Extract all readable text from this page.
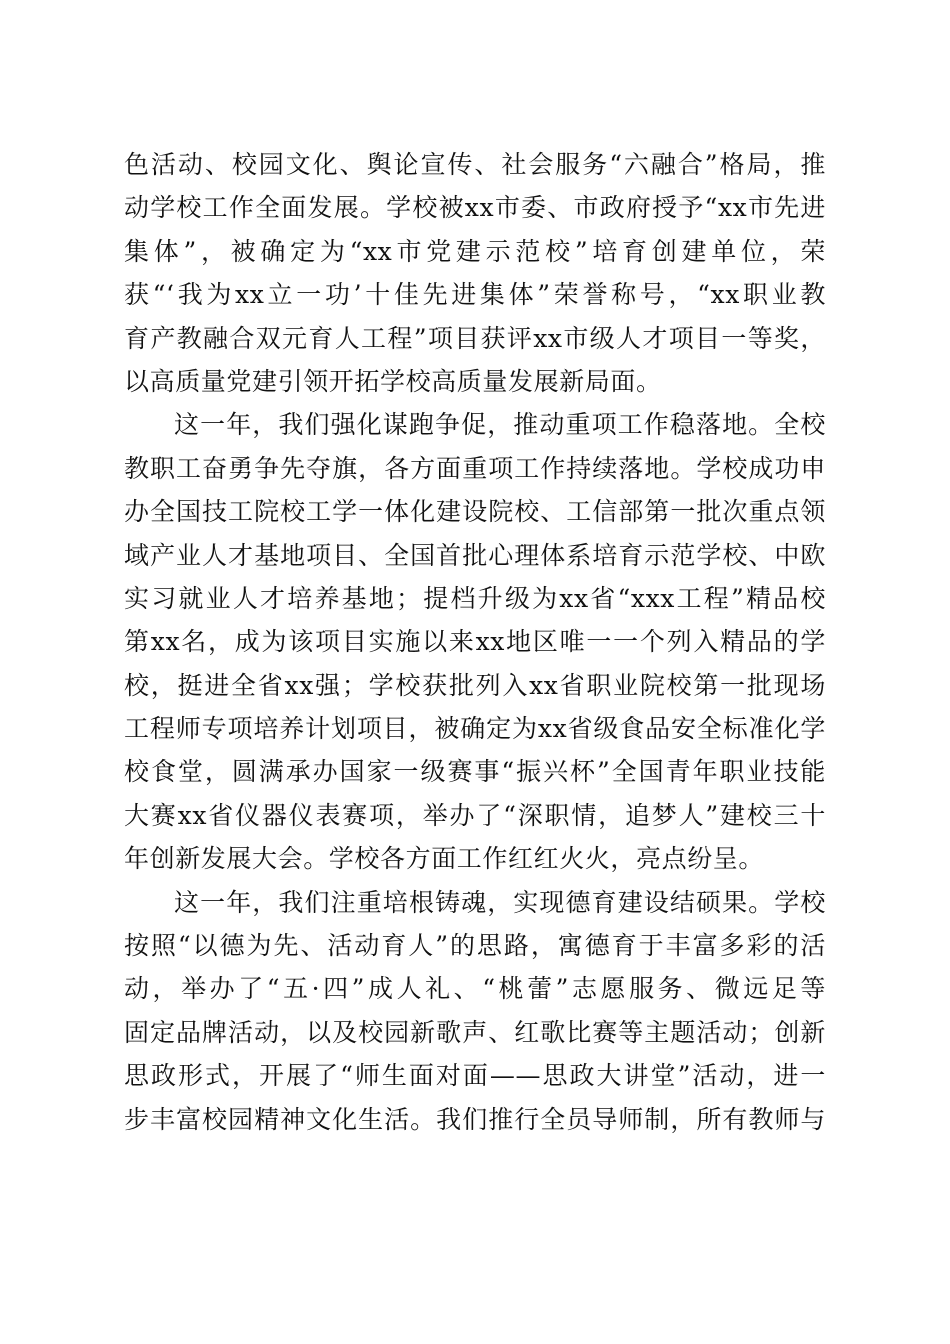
色活动、校园文化、舆论宣传、社会服务“六融合”格局，推
动学校工作全面发展。学校被xx市委、市政府授予“xx市先进
集体”，被确定为“xx市党建示范校”培育创建单位，荣
获“‘我为xx立一功’十佳先进集体”荣誉称号，“xx职业教
育产教融合双元育人工程”项目获评xx市级人才项目一等奖，
以高质量党建引领开拓学校高质量发展新局面。
这一年，我们强化谋跑争促，推动重项工作稳落地。全校
教职工奋勇争先夺旗，各方面重项工作持续落地。学校成功申
办全国技工院校工学一体化建设院校、工信部第一批次重点领
域产业人才基地项目、全国首批心理体系培育示范学校、中欧
实习就业人才培养基地；提档升级为xx省“xxx工程”精品校
第xx名，成为该项目实施以来xx地区唯一一个列入精品的学
校，挺进全省xx强；学校获批列入xx省职业院校第一批现场
工程师专项培养计划项目，被确定为xx省级食品安全标准化学
校食堂，圆满承办国家一级赛事“振兴杯”全国青年职业技能
大赛xx省仪器仪表赛项，举办了“深职情，追梦人”建校三十
年创新发展大会。学校各方面工作红红火火，亮点纷呈。
这一年，我们注重培根铸魂，实现德育建设结硕果。学校
按照“以德为先、活动育人”的思路，寓德育于丰富多彩的活
动，举办了“五·四”成人礼、“桃蕾”志愿服务、微远足等
固定品牌活动，以及校园新歌声、红歌比赛等主题活动；创新
思政形式，开展了“师生面对面——思政大讲堂”活动，进一
步丰富校园精神文化生活。我们推行全员导师制，所有教师与
